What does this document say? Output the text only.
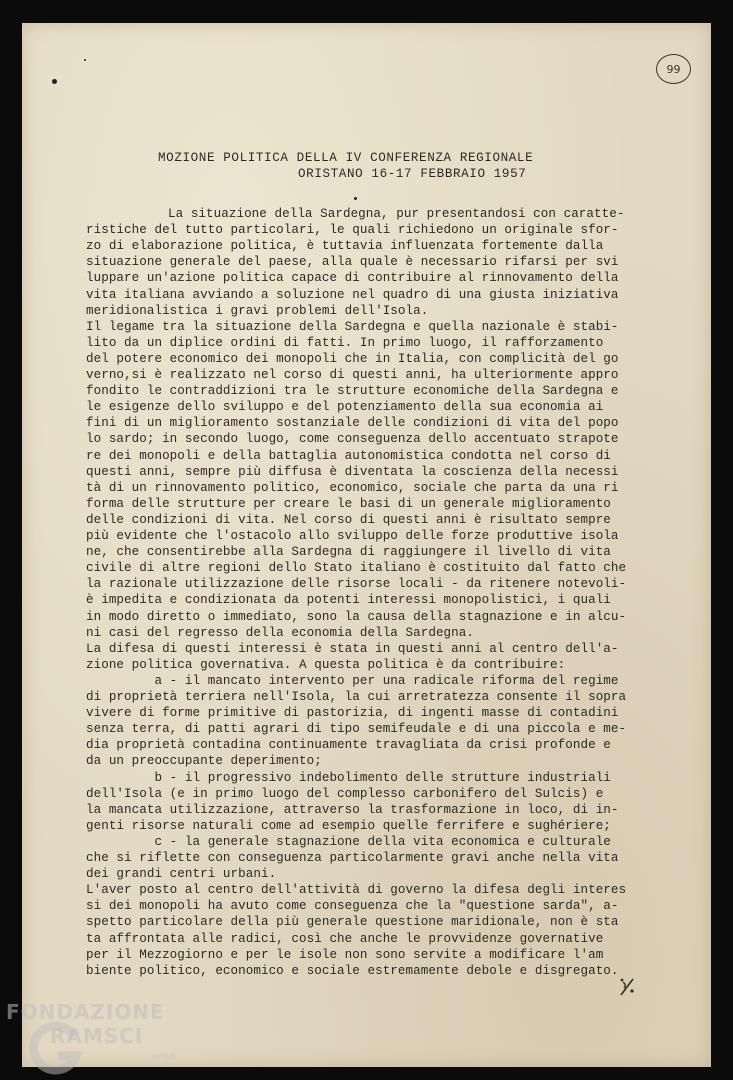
99
MOZIONE POLITICA DELLA IV CONFERENZA REGIONALE
ORISTANO 16-17 FEBBRAIO 1957
La situazione della Sardegna, pur presentandosi con caratte-
ristiche del tutto particolari, le quali richiedono un originale sfor-
zo di elaborazione politica, è tuttavia influenzata fortemente dalla
situazione generale del paese, alla quale è necessario rifarsi per svi
luppare un'azione politica capace di contribuire al rinnovamento della
vita italiana avviando a soluzione nel quadro di una giusta iniziativa
meridionalistica i gravi problemi dell'Isola.
Il legame tra la situazione della Sardegna e quella nazionale è stabi-
lito da un diplice ordini di fatti. In primo luogo, il rafforzamento
del potere economico dei monopoli che in Italia, con complicità del go
verno,si è realizzato nel corso di questi anni, ha ulteriormente appro
fondito le contraddizioni tra le strutture economiche della Sardegna e
le esigenze dello sviluppo e del potenziamento della sua economia ai
fini di un miglioramento sostanziale delle condizioni di vita del popo
lo sardo; in secondo luogo, come conseguenza dello accentuato strapote
re dei monopoli e della battaglia autonomistica condotta nel corso di
questi anni, sempre più diffusa è diventata la coscienza della necessi
tà di un rinnovamento politico, economico, sociale che parta da una ri
forma delle strutture per creare le basi di un generale miglioramento
delle condizioni di vita. Nel corso di questi anni è risultato sempre
più evidente che l'ostacolo allo sviluppo delle forze produttive isola
ne, che consentirebbe alla Sardegna di raggiungere il livello di vita
civile di altre regioni dello Stato italiano è costituito dal fatto che
la razionale utilizzazione delle risorse locali - da ritenere notevoli-
è impedita e condizionata da potenti interessi monopolistici, i quali
in modo diretto o immediato, sono la causa della stagnazione e in alcu-
ni casi del regresso della economia della Sardegna.
La difesa di questi interessi è stata in questi anni al centro dell'a-
zione politica governativa. A questa politica è da contribuire:
a - il mancato intervento per una radicale riforma del regime
di proprietà terriera nell'Isola, la cui arretratezza consente il sopra
vivere di forme primitive di pastorizia, di ingenti masse di contadini
senza terra, di patti agrari di tipo semifeudale e di una piccola e me-
dia proprietà contadina continuamente travagliata da crisi profonde e
da un preoccupante deperimento;
b - il progressivo indebolimento delle strutture industriali
dell'Isola (e in primo luogo del complesso carbonifero del Sulcis) e
la mancata utilizzazione, attraverso la trasformazione in loco, di in-
genti risorse naturali come ad esempio quelle ferrifere e sughériere;
c - la generale stagnazione della vita economica e culturale
che si riflette con conseguenza particolarmente gravi anche nella vita
dei grandi centri urbani.
L'aver posto al centro dell'attività di governo la difesa degli interes
si dei monopoli ha avuto come conseguenza che la "questione sarda", a-
spetto particolare della più generale questione maridionale, non è sta
ta affrontata alle radici, così che anche le provvidenze governative
per il Mezzogiorno e per le isole non sono servite a modificare l'am
biente politico, economico e sociale estremamente debole e disgregato.
FONDAZIONE
RAMSCI
onlus
